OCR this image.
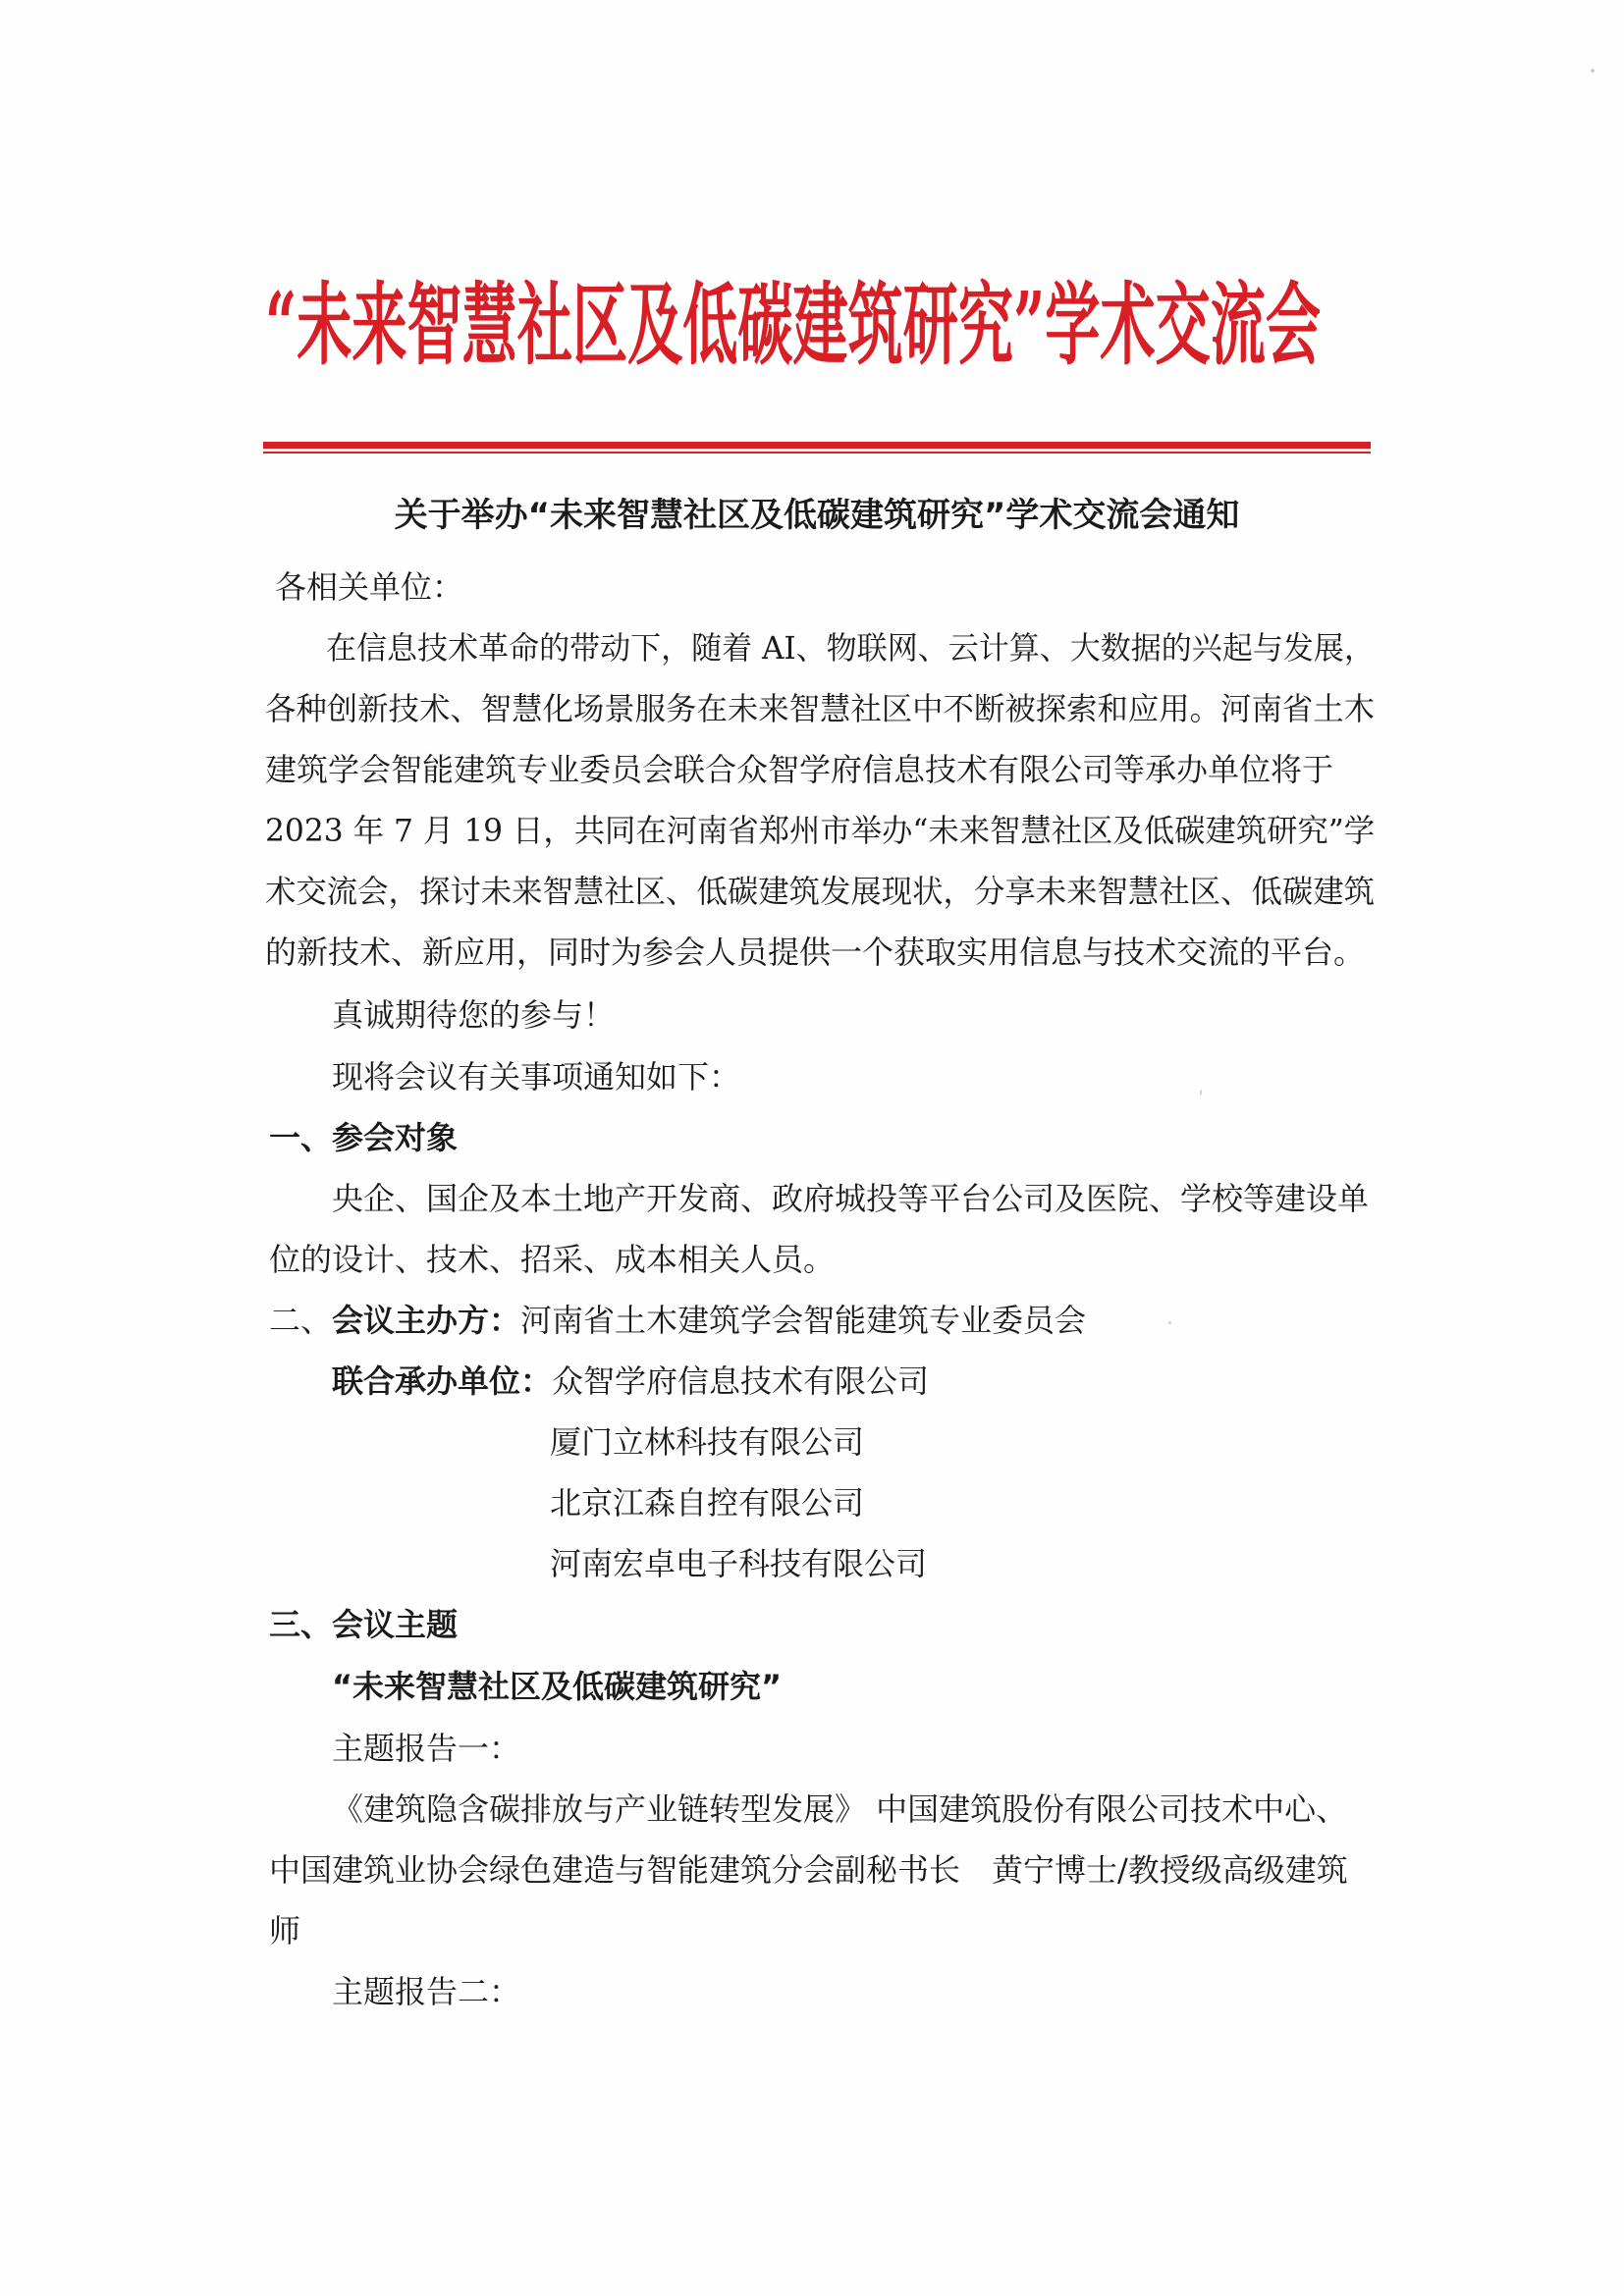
“未来智慧社区及低碳建筑研究”学术交流会
关于举办“未来智慧社区及低碳建筑研究”学术交流会通知
各相关单位：
在信息技术革命的带动下，随着 AI、物联网、云计算、大数据的兴起与发展，
各种创新技术、智慧化场景服务在未来智慧社区中不断被探索和应用。河南省土木
建筑学会智能建筑专业委员会联合众智学府信息技术有限公司等承办单位将于
2023 年 7 月 19 日，共同在河南省郑州市举办“未来智慧社区及低碳建筑研究”学
术交流会，探讨未来智慧社区、低碳建筑发展现状，分享未来智慧社区、低碳建筑
的新技术、新应用，同时为参会人员提供一个获取实用信息与技术交流的平台。
真诚期待您的参与！
现将会议有关事项通知如下：
一、参会对象
央企、国企及本土地产开发商、政府城投等平台公司及医院、学校等建设单
位的设计、技术、招采、成本相关人员。
二、会议主办方：河南省土木建筑学会智能建筑专业委员会
联合承办单位：众智学府信息技术有限公司
厦门立林科技有限公司
北京江森自控有限公司
河南宏卓电子科技有限公司
三、会议主题
“未来智慧社区及低碳建筑研究”
主题报告一：
《建筑隐含碳排放与产业链转型发展》 中国建筑股份有限公司技术中心、
中国建筑业协会绿色建造与智能建筑分会副秘书长　黄宁博士/教授级高级建筑
师
主题报告二：
